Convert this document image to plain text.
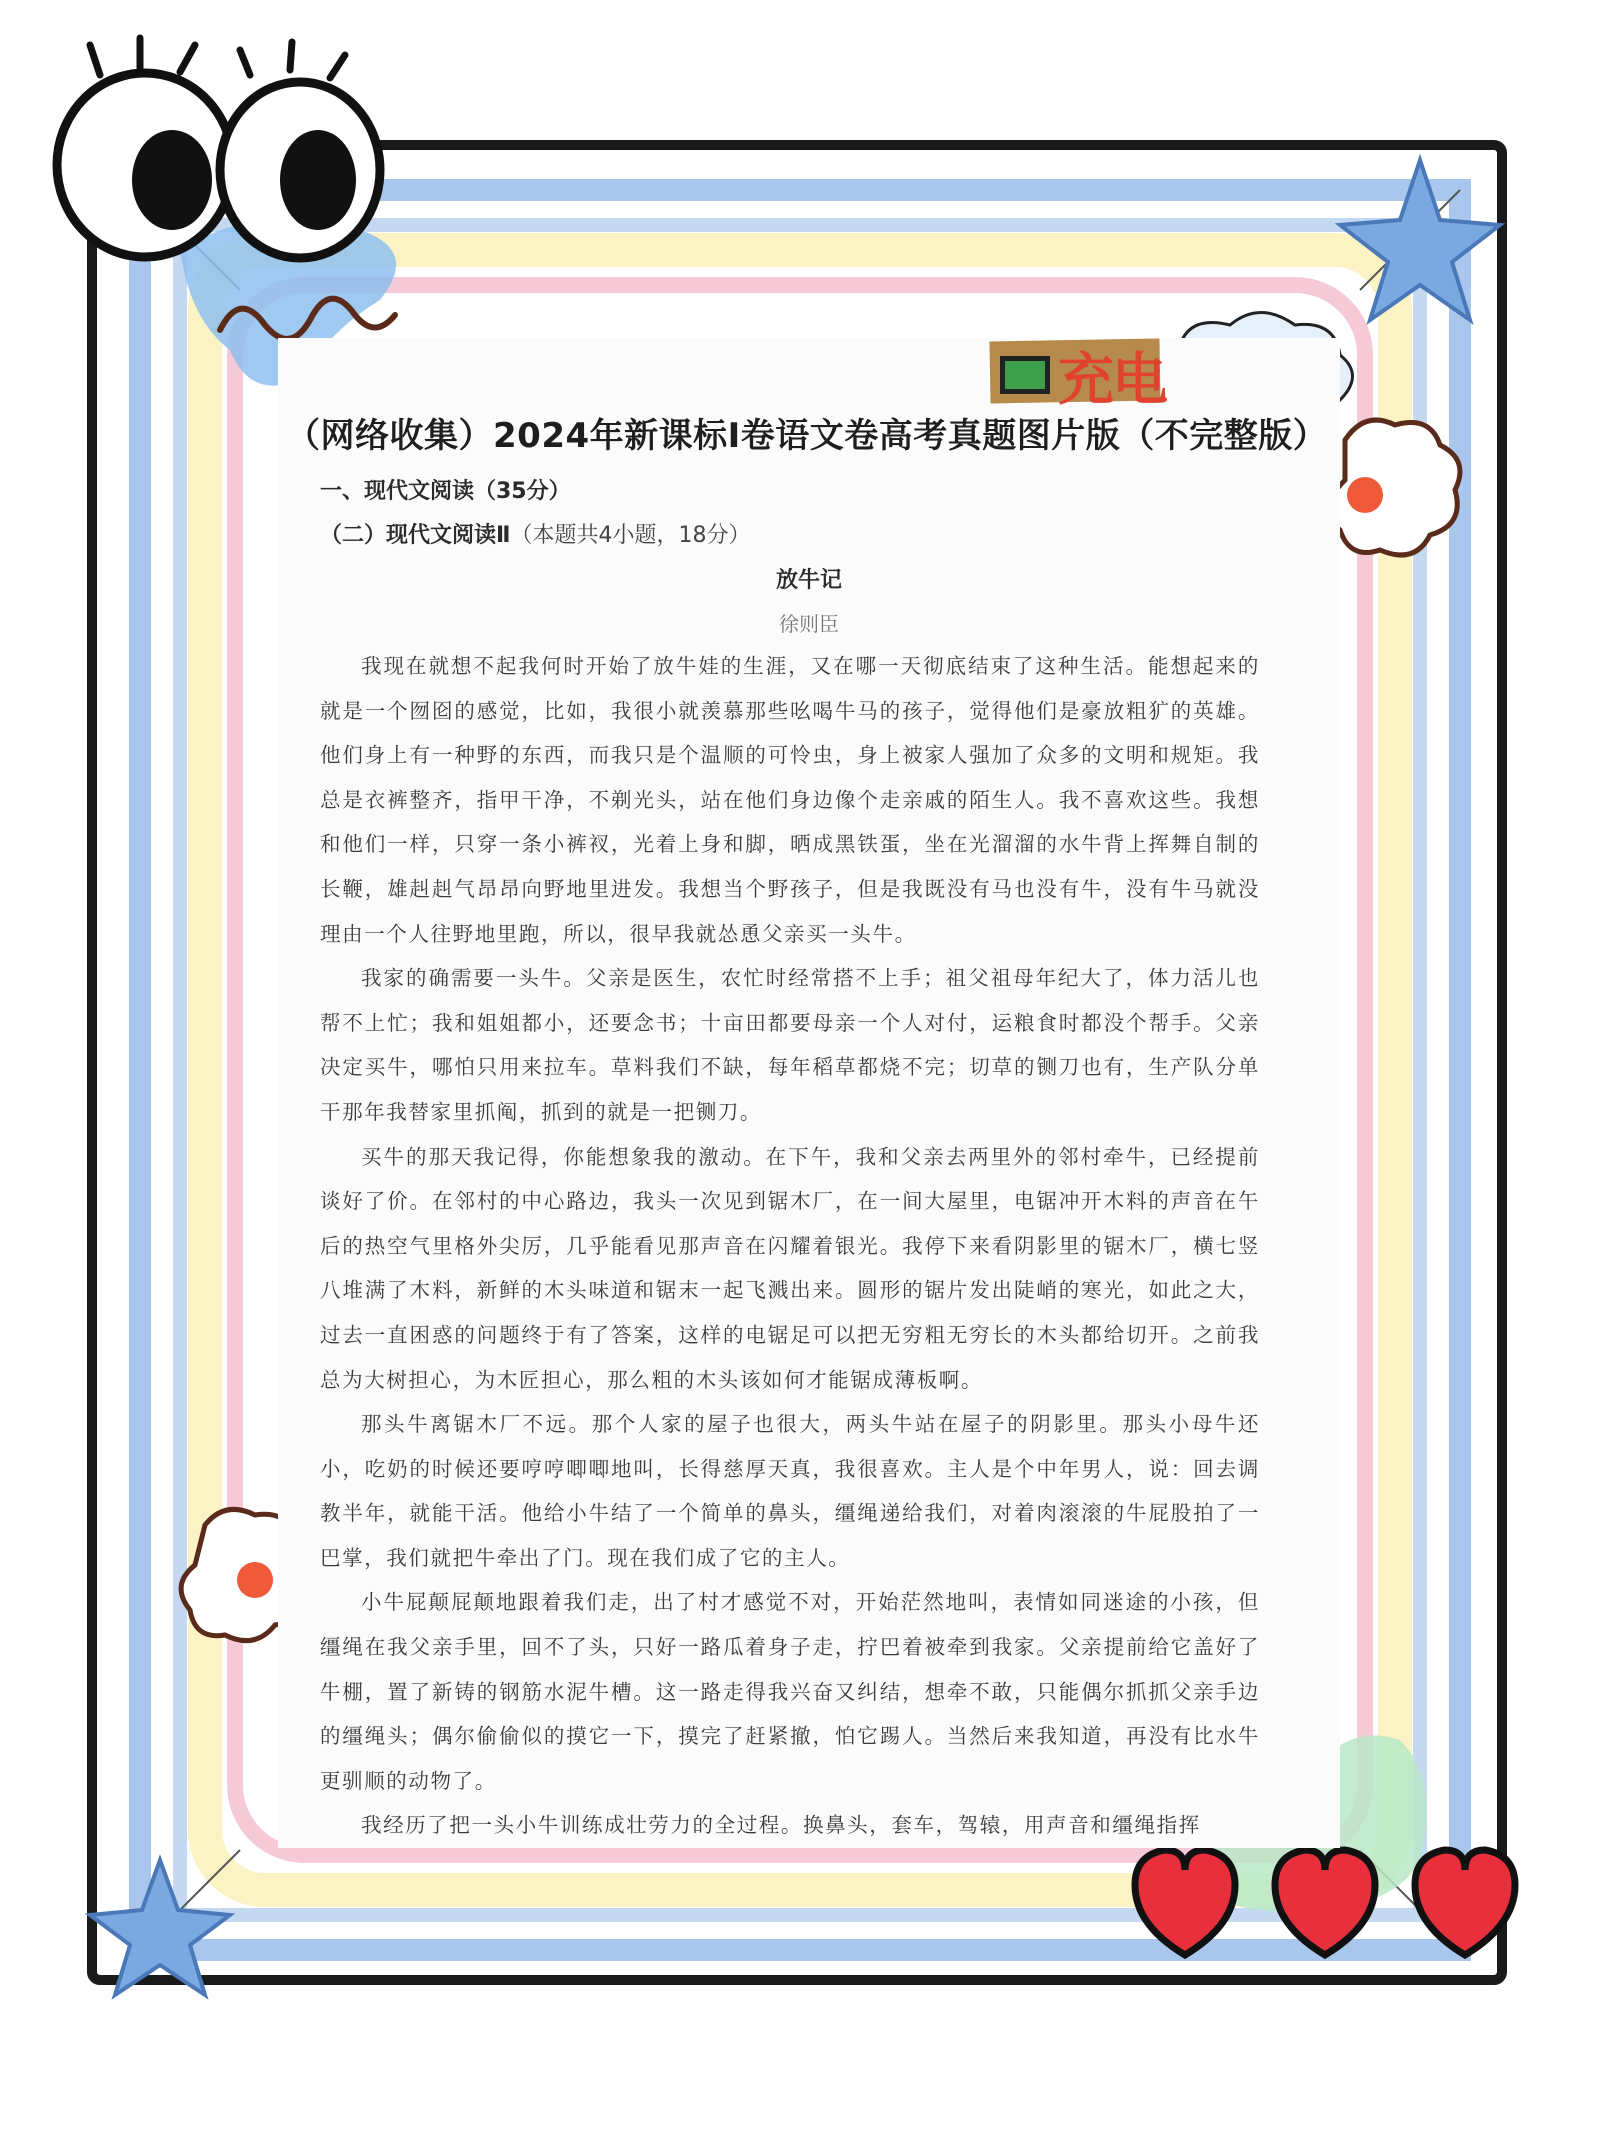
（网络收集）2024年新课标Ⅰ卷语文卷高考真题图片版（不完整版）
一、现代文阅读（35分）
（二）现代文阅读Ⅱ（本题共4小题，18分）
放牛记
徐则臣

我现在就想不起我何时开始了放牛娃的生涯，又在哪一天彻底结束了这种生活。能想起来的就是一个囫囵的感觉，比如，我很小就羡慕那些吆喝牛马的孩子，觉得他们是豪放粗犷的英雄。他们身上有一种野的东西，而我只是个温顺的可怜虫，身上被家人强加了众多的文明和规矩。我总是衣裤整齐，指甲干净，不剃光头，站在他们身边像个走亲戚的陌生人。我不喜欢这些。我想和他们一样，只穿一条小裤衩，光着上身和脚，晒成黑铁蛋，坐在光溜溜的水牛背上挥舞自制的长鞭，雄赳赳气昂昂向野地里进发。我想当个野孩子，但是我既没有马也没有牛，没有牛马就没理由一个人往野地里跑，所以，很早我就怂恿父亲买一头牛。

我家的确需要一头牛。父亲是医生，农忙时经常搭不上手；祖父祖母年纪大了，体力活儿也帮不上忙；我和姐姐都小，还要念书；十亩田都要母亲一个人对付，运粮食时都没个帮手。父亲决定买牛，哪怕只用来拉车。草料我们不缺，每年稻草都烧不完；切草的铡刀也有，生产队分单干那年我替家里抓阄，抓到的就是一把铡刀。

买牛的那天我记得，你能想象我的激动。在下午，我和父亲去两里外的邻村牵牛，已经提前谈好了价。在邻村的中心路边，我头一次见到锯木厂，在一间大屋里，电锯冲开木料的声音在午后的热空气里格外尖厉，几乎能看见那声音在闪耀着银光。我停下来看阴影里的锯木厂，横七竖八堆满了木料，新鲜的木头味道和锯末一起飞溅出来。圆形的锯片发出陡峭的寒光，如此之大，过去一直困惑的问题终于有了答案，这样的电锯足可以把无穷粗无穷长的木头都给切开。之前我总为大树担心，为木匠担心，那么粗的木头该如何才能锯成薄板啊。

那头牛离锯木厂不远。那个人家的屋子也很大，两头牛站在屋子的阴影里。那头小母牛还小，吃奶的时候还要哼哼唧唧地叫，长得慈厚天真，我很喜欢。主人是个中年男人，说：回去调教半年，就能干活。他给小牛结了一个简单的鼻头，缰绳递给我们，对着肉滚滚的牛屁股拍了一巴掌，我们就把牛牵出了门。现在我们成了它的主人。

小牛屁颠屁颠地跟着我们走，出了村才感觉不对，开始茫然地叫，表情如同迷途的小孩，但缰绳在我父亲手里，回不了头，只好一路瓜着身子走，拧巴着被牵到我家。父亲提前给它盖好了牛棚，置了新铸的钢筋水泥牛槽。这一路走得我兴奋又纠结，想牵不敢，只能偶尔抓抓父亲手边的缰绳头；偶尔偷偷似的摸它一下，摸完了赶紧撤，怕它踢人。当然后来我知道，再没有比水牛更驯顺的动物了。

我经历了把一头小牛训练成壮劳力的全过程。换鼻头，套车，驾辕，用声音和缰绳指挥

充电
